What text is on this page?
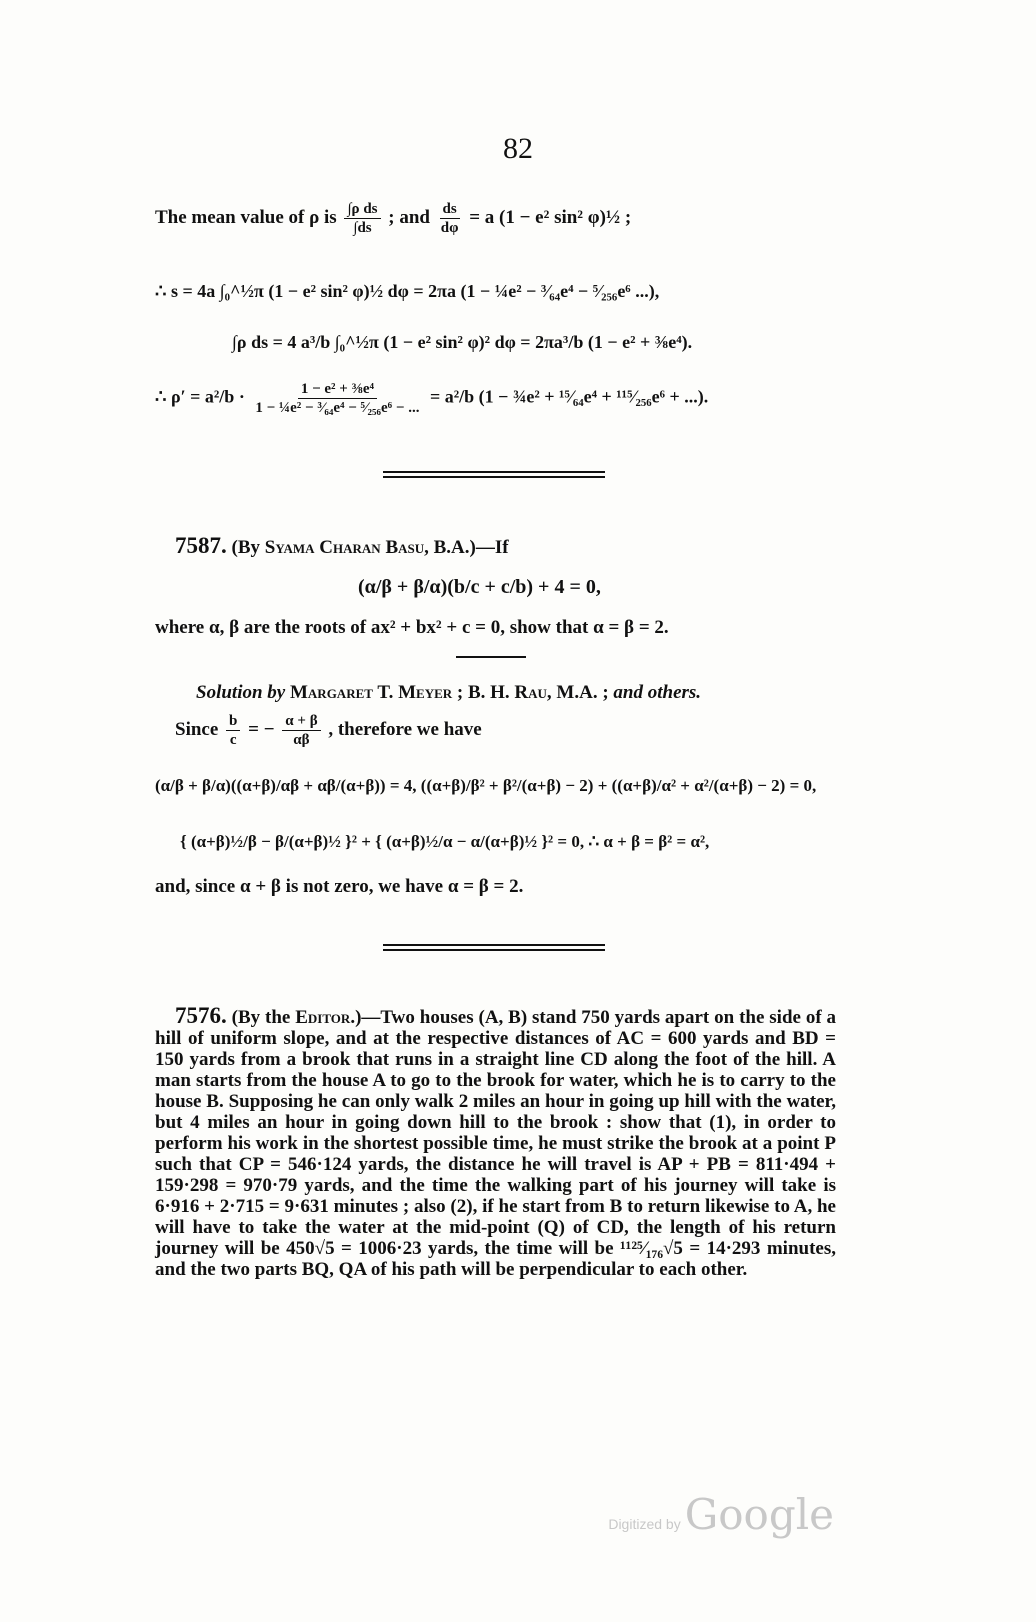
82
The mean value of ρ is $\frac{\text{∫ρ ds}}{\int ds}$ ; and $\frac{ds}{d\varphi} = a$ (1 − e² sin² φ)½ ;
∴ s = 4a ∫₀^½π (1 − e² sin² φ)½ dφ = 2πa (1 − ¼e² − ³⁄₆₄e⁴ − ⁵⁄₂₅₆e⁶ ...),
∫ρ ds = 4 a³/b ∫₀^½π (1 − e² sin² φ)² dφ = 2πa³/b (1 − e² + ⅜e⁴).
∴ $\rho' = a^2/b \cdot \frac{\text{1 − e² + ⅜e⁴}}{\text{1 − ¼e² − ³⁄₆₄e⁴ − ⁵⁄₂₅₆e⁶ − ...}} = a^2/b$ (1 − ¾e² + ¹⁵⁄₆₄e⁴ + ¹¹⁵⁄₂₅₆e⁶ + ...).
7587. (By Syama Charan Basu, B.A.)—If
(α/β + β/α)(b/c + c/b) + 4 = 0,
where α, β are the roots of ax² + bx² + c = 0, show that α = β = 2.
Solution by Margaret T. Meyer ; B. H. Rau, M.A. ; and others.
Since $\frac{b}{c}$ = − $\frac{\alpha + \beta}{\alpha\beta}$ , therefore we have
(α/β + β/α)((α+β)/αβ + αβ/(α+β)) = 4, ((α+β)/β² + β²/(α+β) − 2) + ((α+β)/α² + α²/(α+β) − 2) = 0,
{ (α+β)½/β − β/(α+β)½ }² + { (α+β)½/α − α/(α+β)½ }² = 0, ∴ α + β = β² = α²,
and, since α + β is not zero, we have α = β = 2.
7576. (By the Editor.)—Two houses (A, B) stand 750 yards apart on the side of a hill of uniform slope, and at the respective distances of AC = 600 yards and BD = 150 yards from a brook that runs in a straight line CD along the foot of the hill. A man starts from the house A to go to the brook for water, which he is to carry to the house B. Supposing he can only walk 2 miles an hour in going up hill with the water, but 4 miles an hour in going down hill to the brook : show that (1), in order to perform his work in the shortest possible time, he must strike the brook at a point P such that CP = 546·124 yards, the distance he will travel is AP + PB = 811·494 + 159·298 = 970·79 yards, and the time the walking part of his journey will take is 6·916 + 2·715 = 9·631 minutes ; also (2), if he start from B to return likewise to A, he will have to take the water at the mid-point (Q) of CD, the length of his return journey will be 450√5 = 1006·23 yards, the time will be ¹¹²⁵⁄₁₇₆√5 = 14·293 minutes, and the two parts BQ, QA of his path will be perpendicular to each other.
Digitized by Google
